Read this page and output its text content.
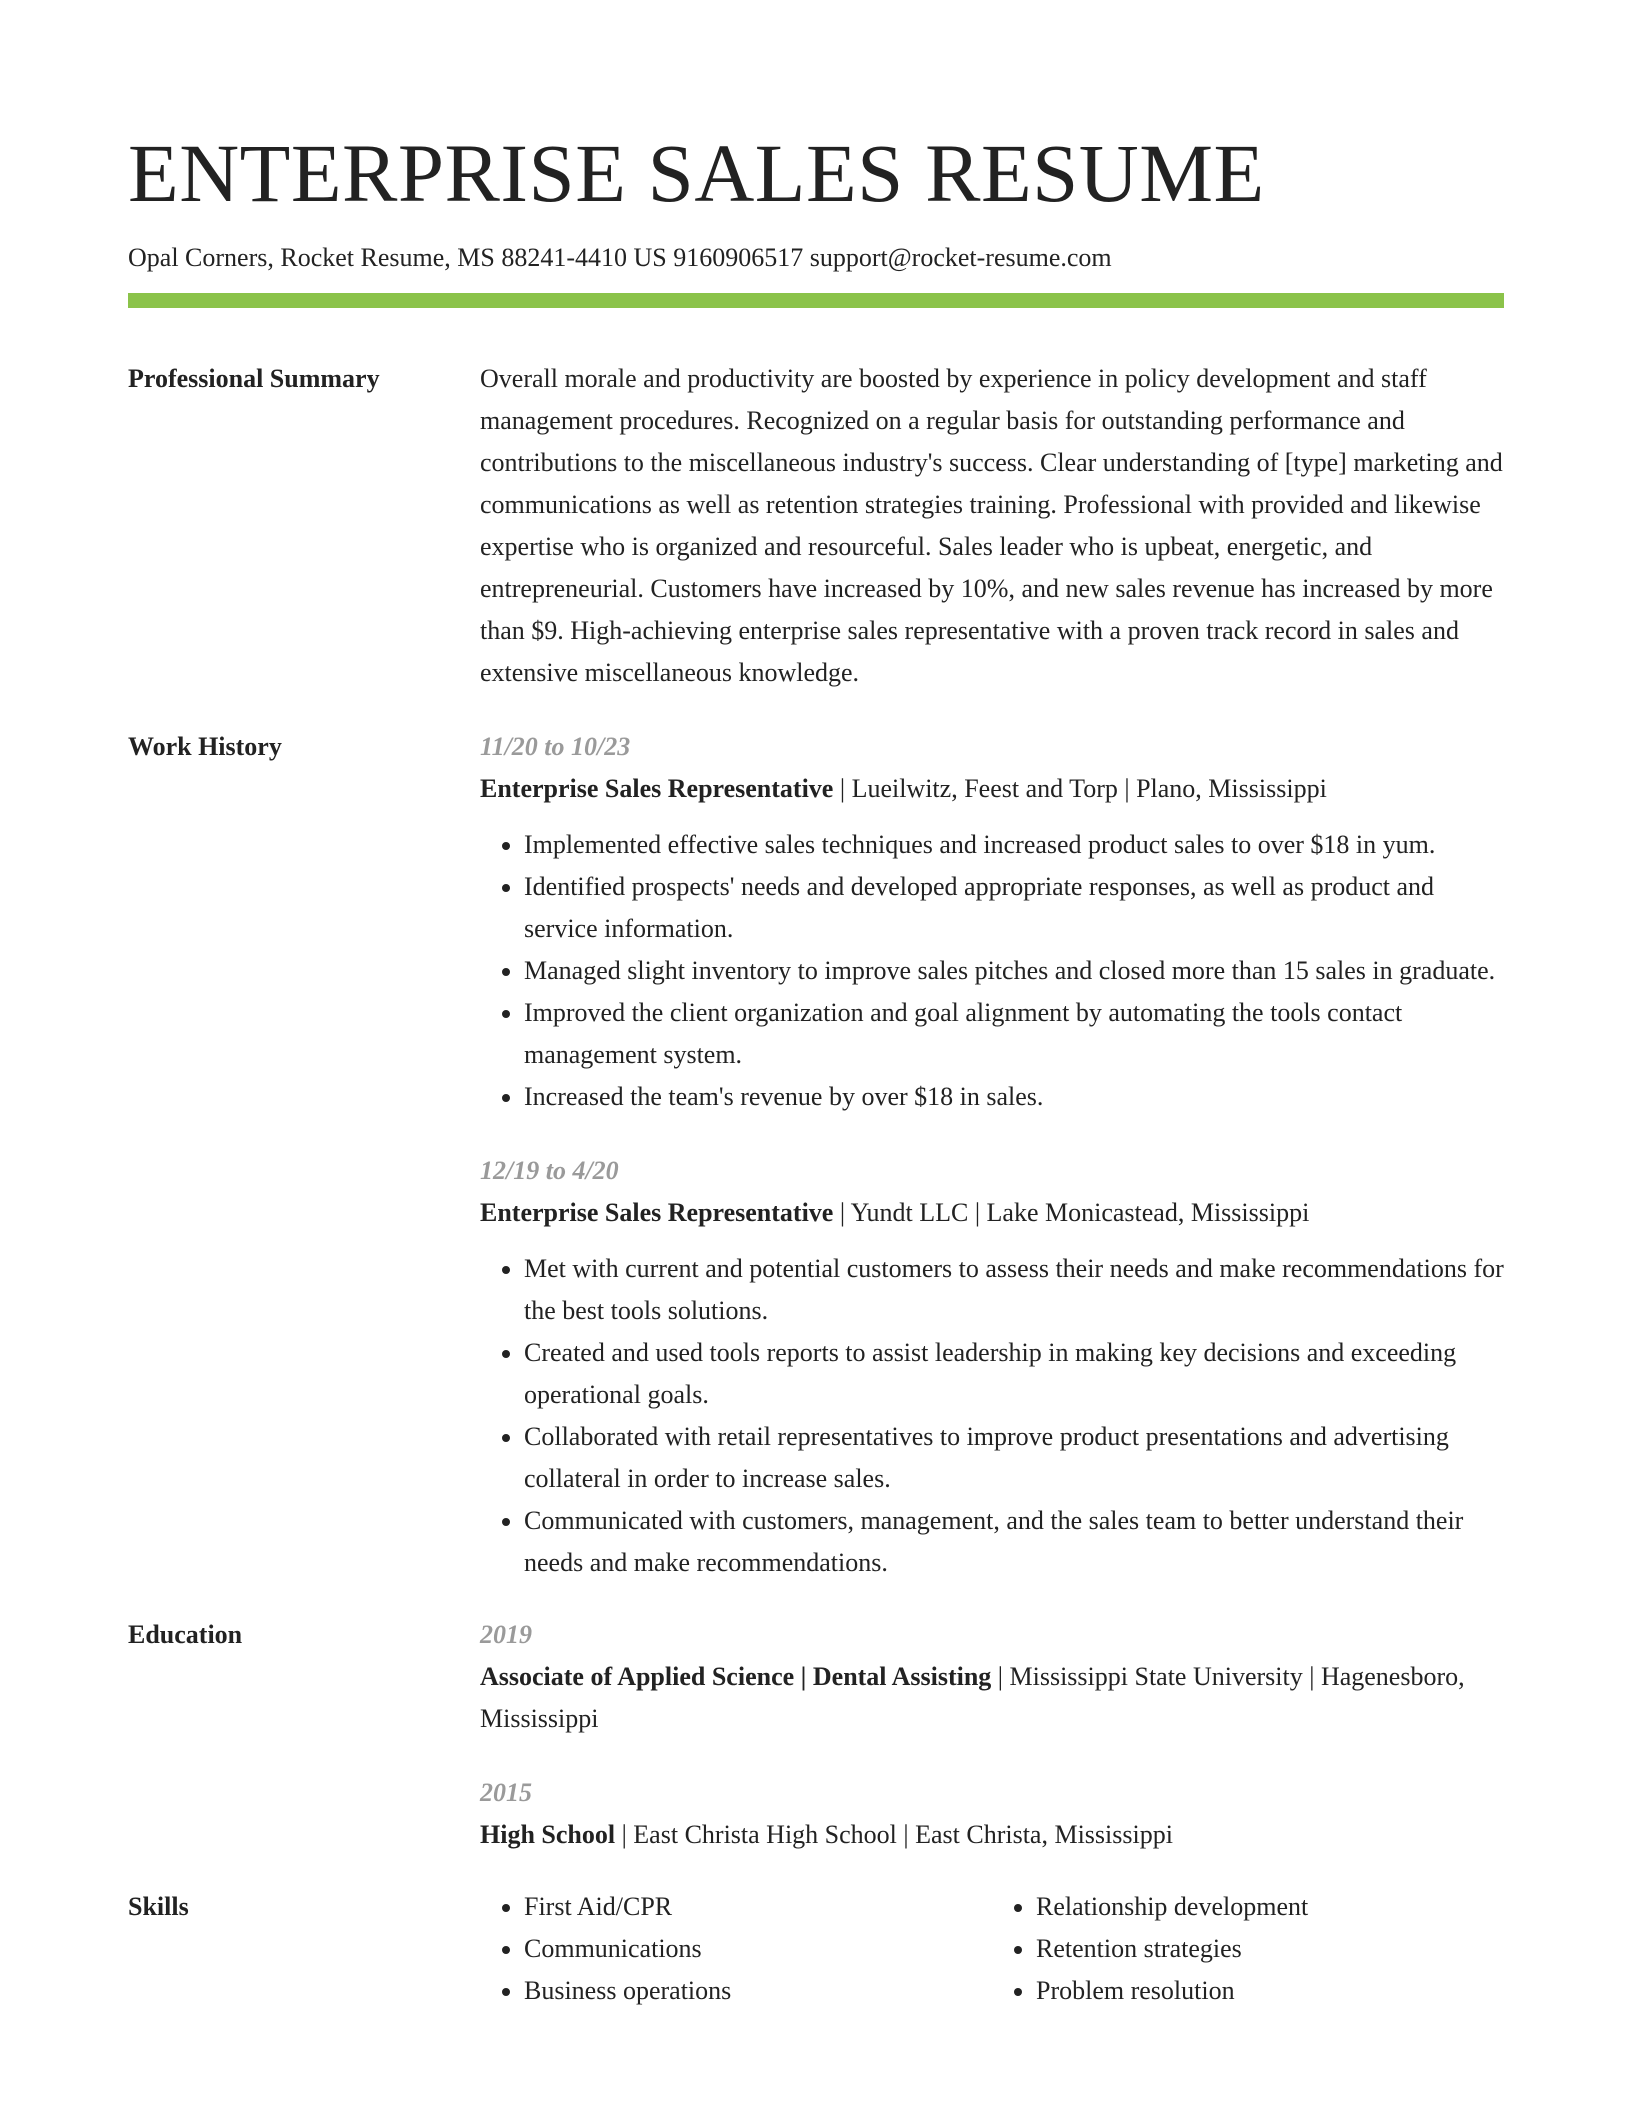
ENTERPRISE SALES RESUME
Opal Corners, Rocket Resume, MS 88241-4410 US 9160906517 support@rocket-resume.com
Professional Summary	Overall morale and productivity are boosted by experience in policy development and staff management procedures. Recognized on a regular basis for outstanding performance and contributions to the miscellaneous industry's success. Clear understanding of [type] marketing and communications as well as retention strategies training. Professional with provided and likewise expertise who is organized and resourceful. Sales leader who is upbeat, energetic, and entrepreneurial. Customers have increased by 10%, and new sales revenue has increased by more than $9. High-achieving enterprise sales representative with a proven track record in sales and extensive miscellaneous knowledge.

Work History	11/20 to 10/23

Enterprise Sales Representative | Lueilwitz, Feest and Torp | Plano, Mississippi

• Implemented effective sales techniques and increased product sales to over $18 in yum.
• Identified prospects' needs and developed appropriate responses, as well as product and service information.
• Managed slight inventory to improve sales pitches and closed more than 15 sales in graduate.
• Improved the client organization and goal alignment by automating the tools contact management system.
• Increased the team's revenue by over $18 in sales.

12/19 to 4/20

Enterprise Sales Representative | Yundt LLC | Lake Monicastead, Mississippi

• Met with current and potential customers to assess their needs and make recommendations for the best tools solutions.
• Created and used tools reports to assist leadership in making key decisions and exceeding operational goals.
• Collaborated with retail representatives to improve product presentations and advertising collateral in order to increase sales.
• Communicated with customers, management, and the sales team to better understand their needs and make recommendations.
Education	2019

Associate of Applied Science | Dental Assisting | Mississippi State University | Hagenesboro, Mississippi

2015

High School | East Christa High School | East Christa, Mississippi

Skills
•	First Aid/CPR
• Communications
• Business operations
• Relationship development
• Retention strategies
• Problem resolution
